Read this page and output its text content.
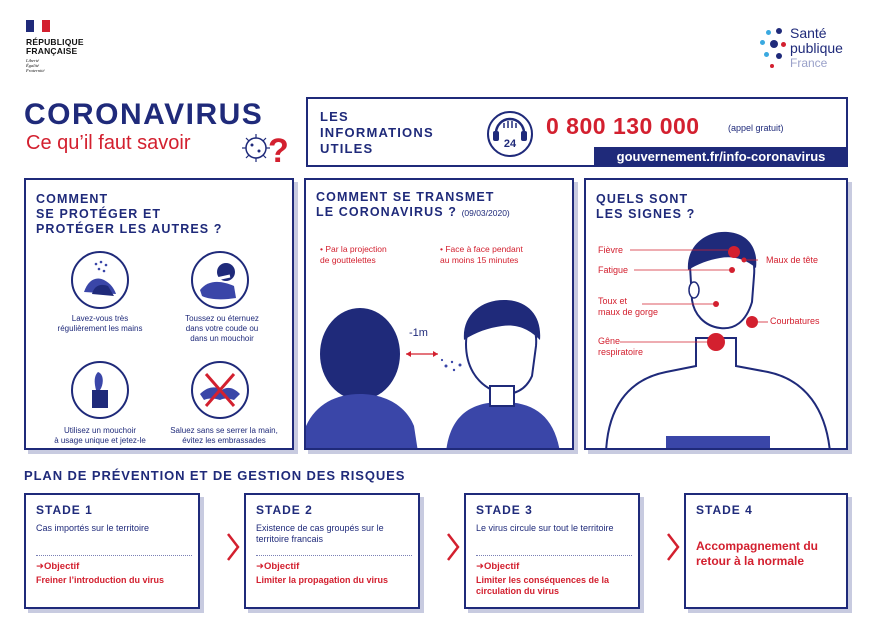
RÉPUBLIQUE
FRANÇAISE
Liberté
Égalité
Fraternité
Santé
publique
France
CORONAVIRUS
Ce qu’il faut savoir ?
LES
INFORMATIONS
UTILES	24
0 800 130 000	(appel gratuit)
gouvernement.fr/info-coronavirus
COMMENT
SE PROTÉGER ET
PROTÉGER LES AUTRES ?
Lavez-vous très
régulièrement les mains
Toussez ou éternuez
dans votre coude ou
dans un mouchoir
Utilisez un mouchoir
à usage unique et jetez-le
Saluez sans se serrer la main,
évitez les embrassades
COMMENT SE TRANSMET
LE CORONAVIRUS ? (09/03/2020)
• Par la projection
de gouttelettes
• Face à face pendant
au moins 15 minutes
-1m
QUELS SONT
LES SIGNES ?
Fièvre
Fatigue
Toux et
maux de gorge
Gêne
respiratoire
Maux de tête
Courbatures
PLAN DE PRÉVENTION ET DE GESTION DES RISQUES
STADE 1
Cas importés sur le territoire
➜Objectif
Freiner l’introduction du virus
STADE 2
Existence de cas groupés sur le territoire francais
➜Objectif
Limiter la propagation du virus
STADE 3
Le virus circule sur tout le territoire
➜Objectif
Limiter les conséquences de la circulation du virus
STADE 4
Accompagnement du retour à la normale
